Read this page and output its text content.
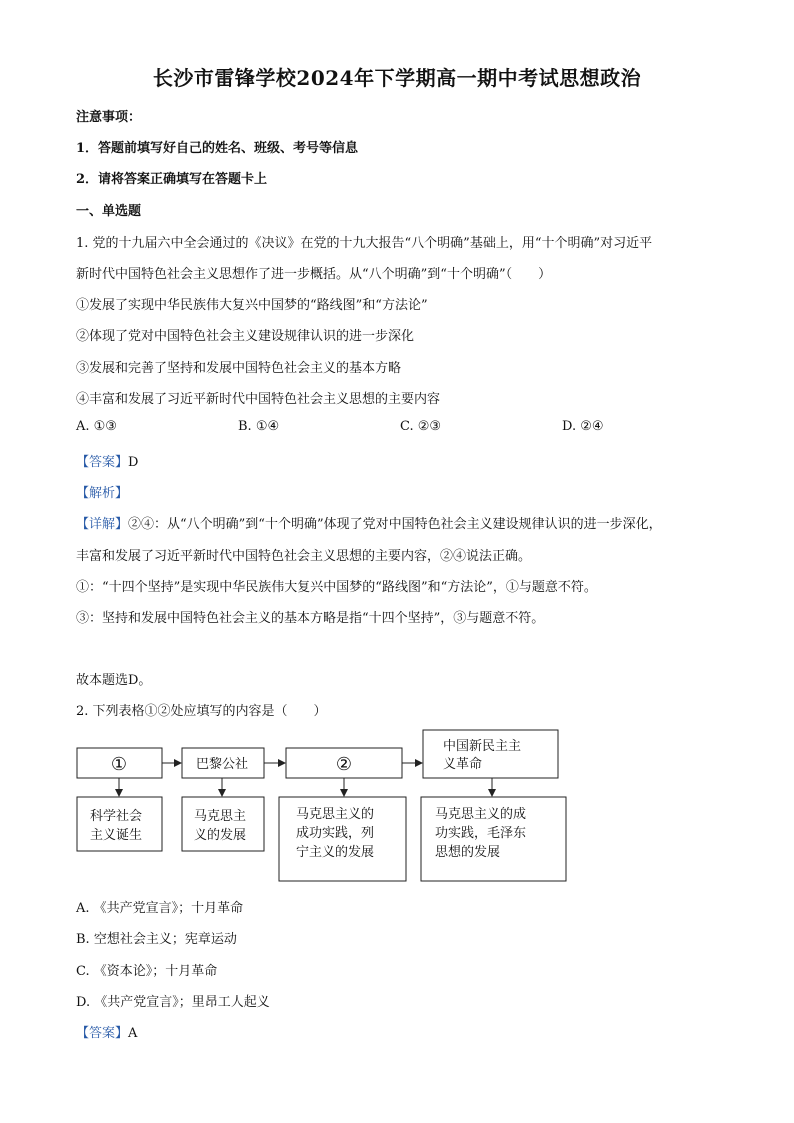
长沙市雷锋学校2024年下学期高一期中考试思想政治
注意事项：
1．答题前填写好自己的姓名、班级、考号等信息
2．请将答案正确填写在答题卡上
一、单选题
1. 党的十九届六中全会通过的《决议》在党的十九大报告“八个明确”基础上，用“十个明确”对习近平
新时代中国特色社会主义思想作了进一步概括。从“八个明确”到“十个明确”（　　）
①发展了实现中华民族伟大复兴中国梦的“路线图”和“方法论”
②体现了党对中国特色社会主义建设规律认识的进一步深化
③发展和完善了坚持和发展中国特色社会主义的基本方略
④丰富和发展了习近平新时代中国特色社会主义思想的主要内容
A. ①③	B. ①④	C. ②③	D. ②④
【答案】D
【解析】
【详解】②④：从“八个明确”到“十个明确”体现了党对中国特色社会主义建设规律认识的进一步深化，
丰富和发展了习近平新时代中国特色社会主义思想的主要内容，②④说法正确。
①：“十四个坚持”是实现中华民族伟大复兴中国梦的“路线图”和“方法论”，①与题意不符。
③：坚持和发展中国特色社会主义的基本方略是指“十四个坚持”，③与题意不符。
故本题选D。
2. 下列表格①②处应填写的内容是（　　）
①	巴黎公社	②
中国新民主主
义革命
科学社会
主义诞生
马克思主
义的发展
马克思主义的
成功实践，列
宁主义的发展
马克思主义的成
功实践，毛泽东
思想的发展
A. 《共产党宣言》；十月革命
B. 空想社会主义；宪章运动
C. 《资本论》；十月革命
D. 《共产党宣言》；里昂工人起义
【答案】A
